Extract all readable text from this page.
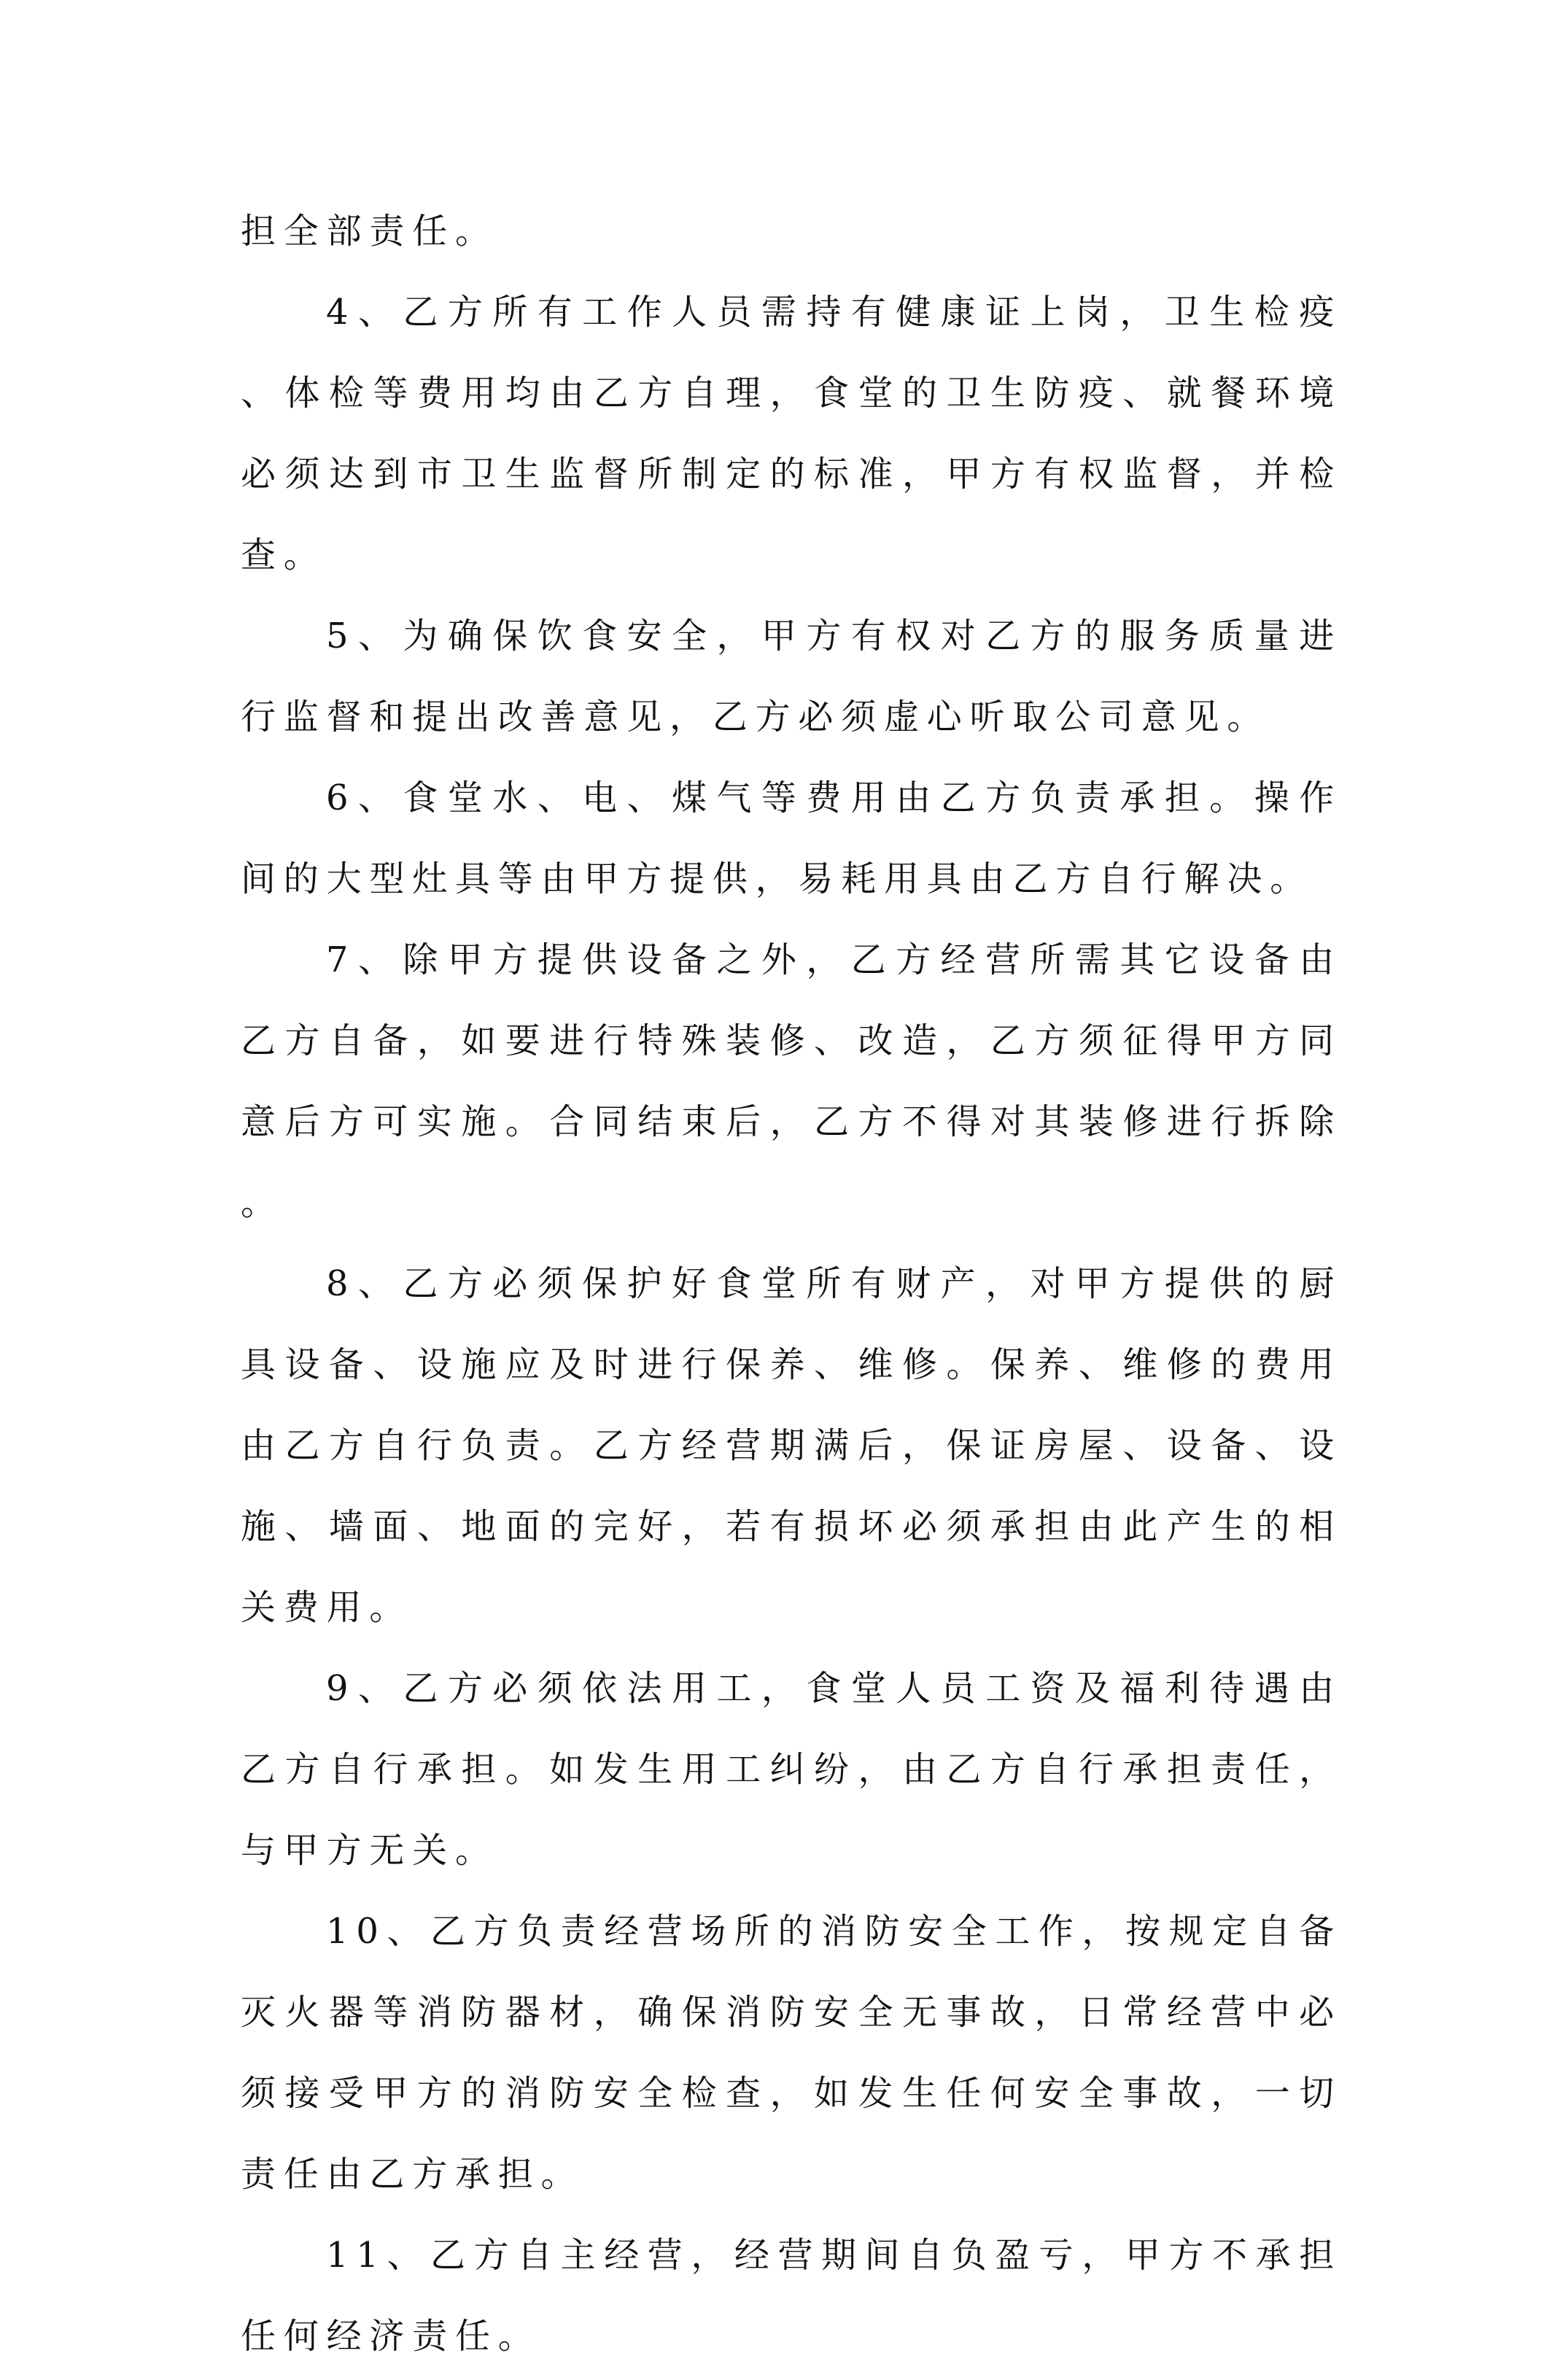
担全部责任。

4、乙方所有工作人员需持有健康证上岗，卫生检疫、体检等费用均由乙方自理，食堂的卫生防疫、就餐环境必须达到市卫生监督所制定的标准，甲方有权监督，并检查。

5、为确保饮食安全，甲方有权对乙方的服务质量进行监督和提出改善意见，乙方必须虚心听取公司意见。

6、食堂水、电、煤气等费用由乙方负责承担。操作间的大型灶具等由甲方提供，易耗用具由乙方自行解决。

7、除甲方提供设备之外，乙方经营所需其它设备由乙方自备，如要进行特殊装修、改造，乙方须征得甲方同意后方可实施。合同结束后，乙方不得对其装修进行拆除。

8、乙方必须保护好食堂所有财产，对甲方提供的厨具设备、设施应及时进行保养、维修。保养、维修的费用由乙方自行负责。乙方经营期满后，保证房屋、设备、设施、墙面、地面的完好，若有损坏必须承担由此产生的相关费用。

9、乙方必须依法用工，食堂人员工资及福利待遇由乙方自行承担。如发生用工纠纷，由乙方自行承担责任，与甲方无关。

10、乙方负责经营场所的消防安全工作，按规定自备灭火器等消防器材，确保消防安全无事故，日常经营中必须接受甲方的消防安全检查，如发生任何安全事故，一切责任由乙方承担。

11、乙方自主经营，经营期间自负盈亏，甲方不承担任何经济责任。
